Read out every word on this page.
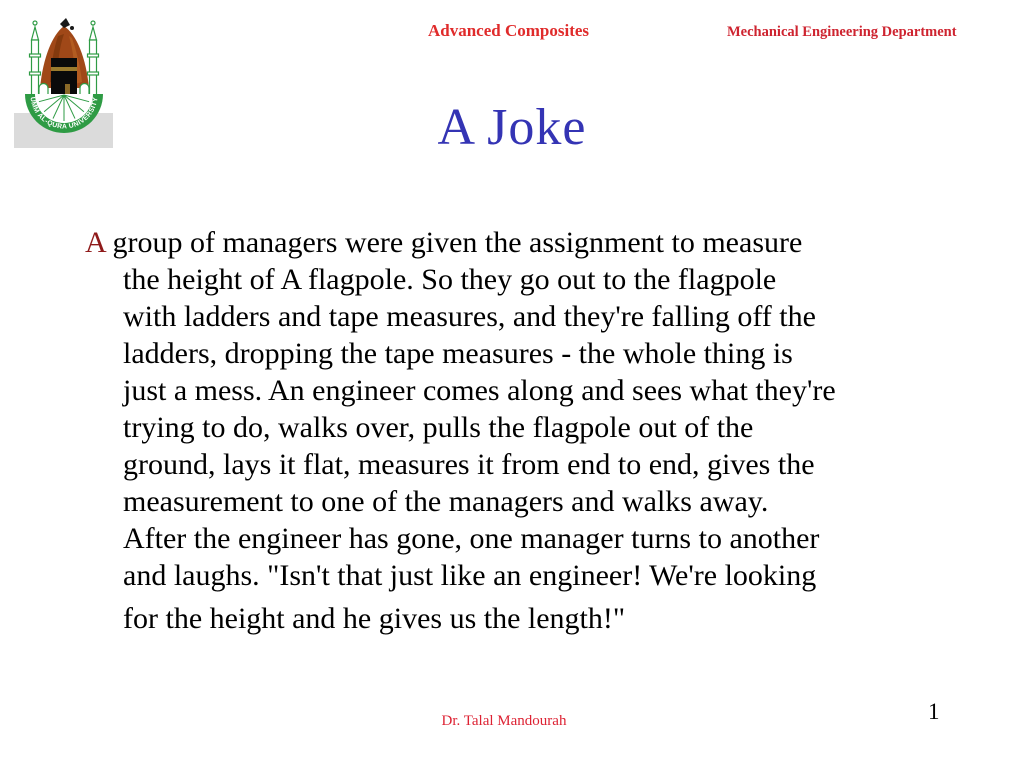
UMM AL-QURA UNIVERSITY
Advanced Composites	Mechanical Engineering Department
A Joke
A group of managers were given the assignment to measure
the height of A flagpole. So they go out to the flagpole
with ladders and tape measures, and they're falling off the
ladders, dropping the tape measures - the whole thing is
just a mess. An engineer comes along and sees what they're
trying to do, walks over, pulls the flagpole out of the
ground, lays it flat, measures it from end to end, gives the
measurement to one of the managers and walks away.
After the engineer has gone, one manager turns to another
and laughs. "Isn't that just like an engineer! We're looking
for the height and he gives us the length!"
Dr. Talal Mandourah	1
